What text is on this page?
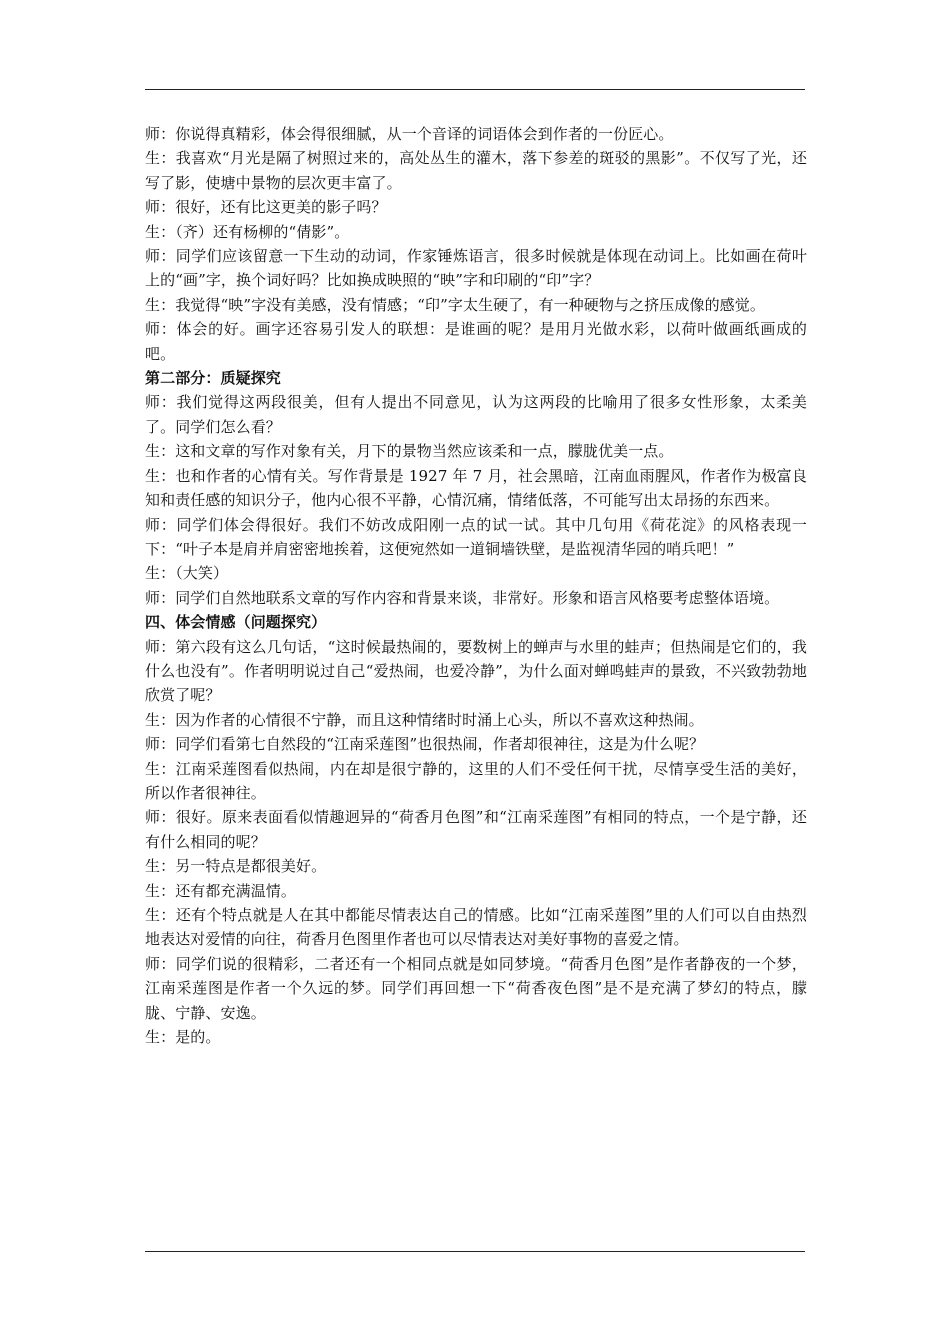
师：你说得真精彩，体会得很细腻，从一个音译的词语体会到作者的一份匠心。

生：我喜欢“月光是隔了树照过来的，高处丛生的灌木，落下参差的斑驳的黑影”。不仅写了光，还写了影，使塘中景物的层次更丰富了。

师：很好，还有比这更美的影子吗？

生：（齐）还有杨柳的“倩影”。

师：同学们应该留意一下生动的动词，作家锤炼语言，很多时候就是体现在动词上。比如画在荷叶上的“画”字，换个词好吗？比如换成映照的“映”字和印刷的“印”字？

生：我觉得“映”字没有美感，没有情感；“印”字太生硬了，有一种硬物与之挤压成像的感觉。

师：体会的好。画字还容易引发人的联想：是谁画的呢？是用月光做水彩，以荷叶做画纸画成的吧。

第二部分：质疑探究

师：我们觉得这两段很美，但有人提出不同意见，认为这两段的比喻用了很多女性形象，太柔美了。同学们怎么看？

生：这和文章的写作对象有关，月下的景物当然应该柔和一点，朦胧优美一点。

生：也和作者的心情有关。写作背景是 1927 年 7 月，社会黑暗，江南血雨腥风，作者作为极富良知和责任感的知识分子，他内心很不平静，心情沉痛，情绪低落，不可能写出太昂扬的东西来。

师：同学们体会得很好。我们不妨改成阳刚一点的试一试。其中几句用《荷花淀》的风格表现一下：“叶子本是肩并肩密密地挨着，这便宛然如一道铜墙铁壁，是监视清华园的哨兵吧！”

生：（大笑）

师：同学们自然地联系文章的写作内容和背景来谈，非常好。形象和语言风格要考虑整体语境。

四、体会情感（问题探究）

师：第六段有这么几句话，“这时候最热闹的，要数树上的蝉声与水里的蛙声；但热闹是它们的，我什么也没有”。作者明明说过自己“爱热闹，也爱冷静”，为什么面对蝉鸣蛙声的景致，不兴致勃勃地欣赏了呢？

生：因为作者的心情很不宁静，而且这种情绪时时涌上心头，所以不喜欢这种热闹。

师：同学们看第七自然段的“江南采莲图”也很热闹，作者却很神往，这是为什么呢？

生：江南采莲图看似热闹，内在却是很宁静的，这里的人们不受任何干扰，尽情享受生活的美好，所以作者很神往。

师：很好。原来表面看似情趣迥异的“荷香月色图”和“江南采莲图”有相同的特点，一个是宁静，还有什么相同的呢？

生：另一特点是都很美好。

生：还有都充满温情。

生：还有个特点就是人在其中都能尽情表达自己的情感。比如“江南采莲图”里的人们可以自由热烈地表达对爱情的向往，荷香月色图里作者也可以尽情表达对美好事物的喜爱之情。

师：同学们说的很精彩，二者还有一个相同点就是如同梦境。“荷香月色图”是作者静夜的一个梦，江南采莲图是作者一个久远的梦。同学们再回想一下“荷香夜色图”是不是充满了梦幻的特点，朦胧、宁静、安逸。

生：是的。
